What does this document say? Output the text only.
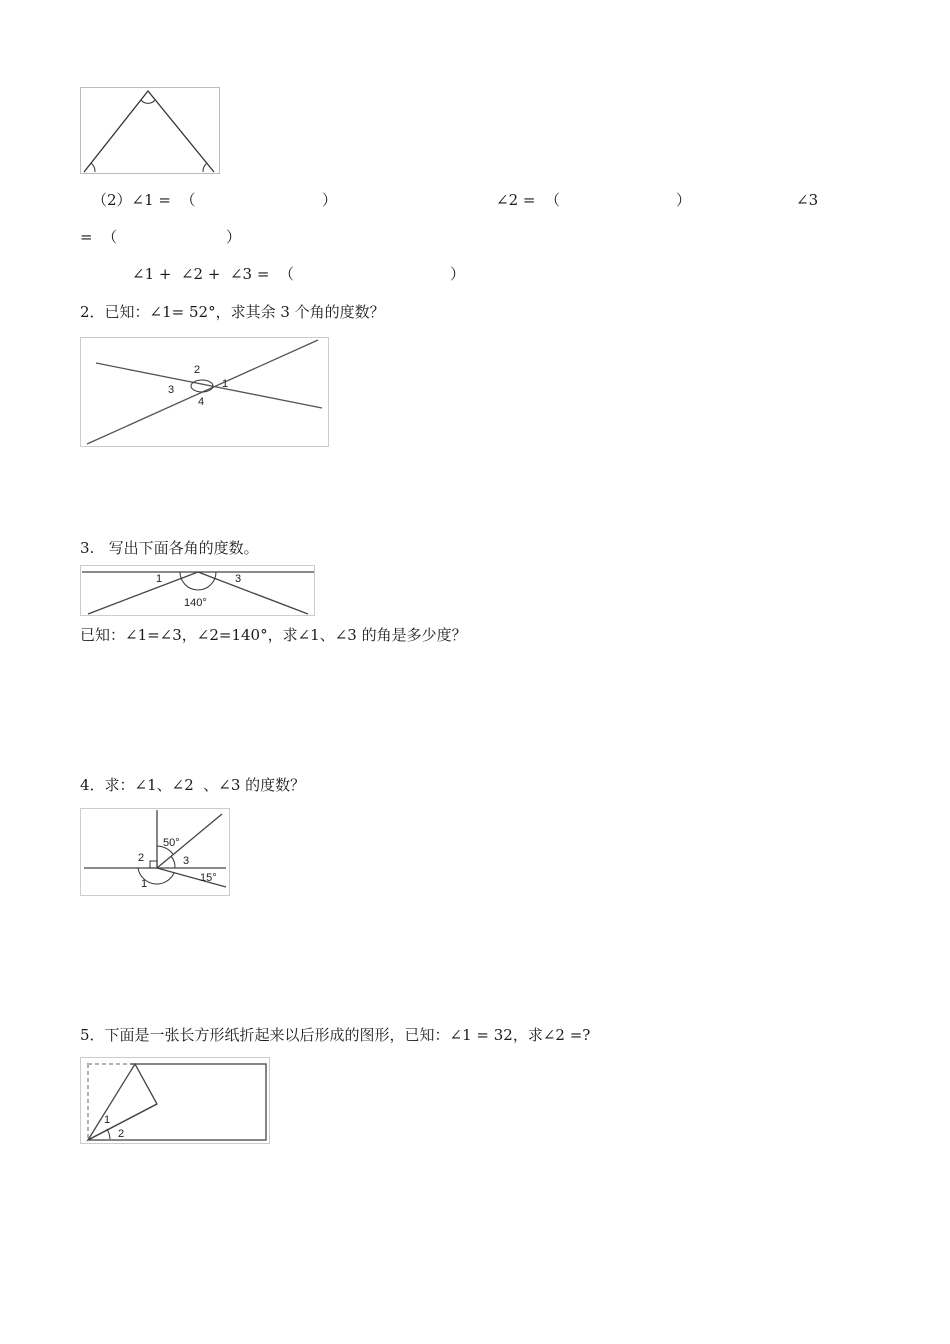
（2）∠1 =  （	）	∠2 =  （	）	∠3
=  （	）
∠1 +  ∠2 +  ∠3 =  （	）
2．已知：∠1= 52°，求其余 3 个角的度数？
2
1
3
4
3.   写出下面各角的度数。
1	3
140°
已知：∠1=∠3，∠2=140°，求∠1、∠3 的角是多少度？
4．求：∠1、∠2  、∠3 的度数？
50°
2	3
1	15°
5．下面是一张长方形纸折起来以后形成的图形，已知：∠1 = 32，求∠2 =?
1
2
